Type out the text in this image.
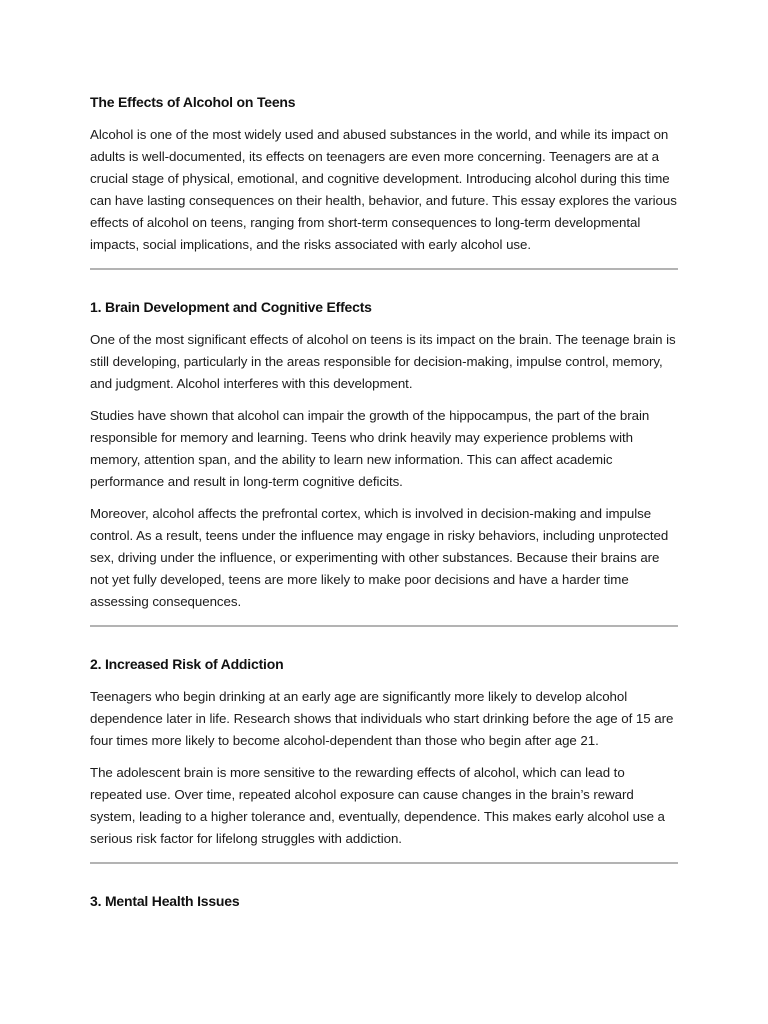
The Effects of Alcohol on Teens

Alcohol is one of the most widely used and abused substances in the world, and while its impact on adults is well-documented, its effects on teenagers are even more concerning. Teenagers are at a crucial stage of physical, emotional, and cognitive development. Introducing alcohol during this time can have lasting consequences on their health, behavior, and future. This essay explores the various effects of alcohol on teens, ranging from short-term consequences to long-term developmental impacts, social implications, and the risks associated with early alcohol use.

1. Brain Development and Cognitive Effects

One of the most significant effects of alcohol on teens is its impact on the brain. The teenage brain is still developing, particularly in the areas responsible for decision-making, impulse control, memory, and judgment. Alcohol interferes with this development.

Studies have shown that alcohol can impair the growth of the hippocampus, the part of the brain responsible for memory and learning. Teens who drink heavily may experience problems with memory, attention span, and the ability to learn new information. This can affect academic performance and result in long-term cognitive deficits.

Moreover, alcohol affects the prefrontal cortex, which is involved in decision-making and impulse control. As a result, teens under the influence may engage in risky behaviors, including unprotected sex, driving under the influence, or experimenting with other substances. Because their brains are not yet fully developed, teens are more likely to make poor decisions and have a harder time assessing consequences.

2. Increased Risk of Addiction

Teenagers who begin drinking at an early age are significantly more likely to develop alcohol dependence later in life. Research shows that individuals who start drinking before the age of 15 are four times more likely to become alcohol-dependent than those who begin after age 21.

The adolescent brain is more sensitive to the rewarding effects of alcohol, which can lead to repeated use. Over time, repeated alcohol exposure can cause changes in the brain’s reward system, leading to a higher tolerance and, eventually, dependence. This makes early alcohol use a serious risk factor for lifelong struggles with addiction.

3. Mental Health Issues
